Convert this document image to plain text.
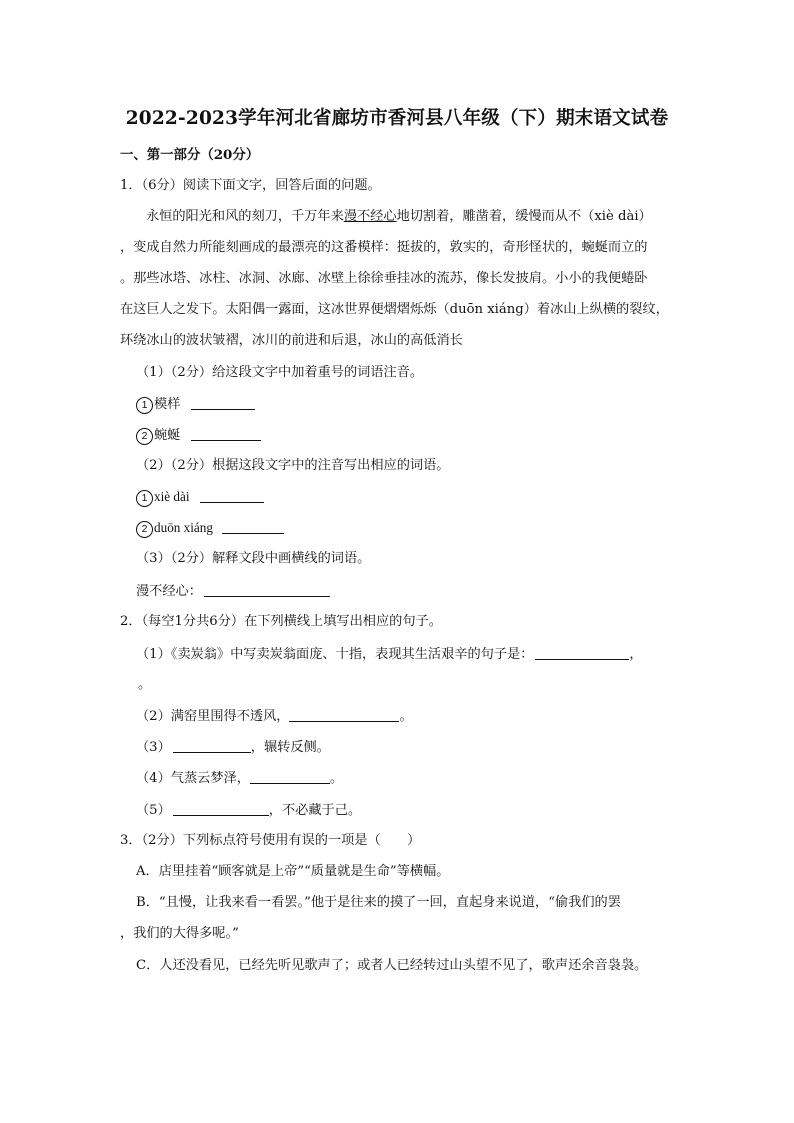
2022-2023学年河北省廊坊市香河县八年级（下）期末语文试卷
一、第一部分（20分）
1．（6分）阅读下面文字，回答后面的问题。
永恒的阳光和风的刻刀，千万年来漫不经心地切割着，雕凿着，缓慢而从不（xiè dài）
，变成自然力所能刻画成的最漂亮的这番模样：挺拔的，敦实的，奇形怪状的，蜿蜒而立的
。那些冰塔、冰柱、冰洞、冰廊、冰壁上徐徐垂挂冰的流苏，像长发披肩。小小的我便蜷卧
在这巨人之发下。太阳偶一露面，这冰世界便熠熠烁烁（duōn xiáng）着冰山上纵横的裂纹，
环绕冰山的波状皱褶，冰川的前进和后退，冰山的高低消长
（1）（2分）给这段文字中加着重号的词语注音。
1 模样
2 蜿蜒
（2）（2分）根据这段文字中的注音写出相应的词语。
1 xiè dài
2 duōn xiáng
（3）（2分）解释文段中画横线的词语。
漫不经心：
2．（每空1分共6分）在下列横线上填写出相应的句子。
（1）《卖炭翁》中写卖炭翁面庞、十指，表现其生活艰辛的句子是：	，
。
（2）满窑里围得不透风，	。
（3）	，辗转反侧。
（4）气蒸云梦泽，	。
（5）	，不必藏于己。
3．（2分）下列标点符号使用有误的一项是（　　）
A．店里挂着“顾客就是上帝”“质量就是生命”等横幅。
B．“且慢，让我来看一看罢。”他于是往来的摸了一回，直起身来说道，“偷我们的罢
，我们的大得多呢。”
C．人还没看见，已经先听见歌声了；或者人已经转过山头望不见了，歌声还余音袅袅。
